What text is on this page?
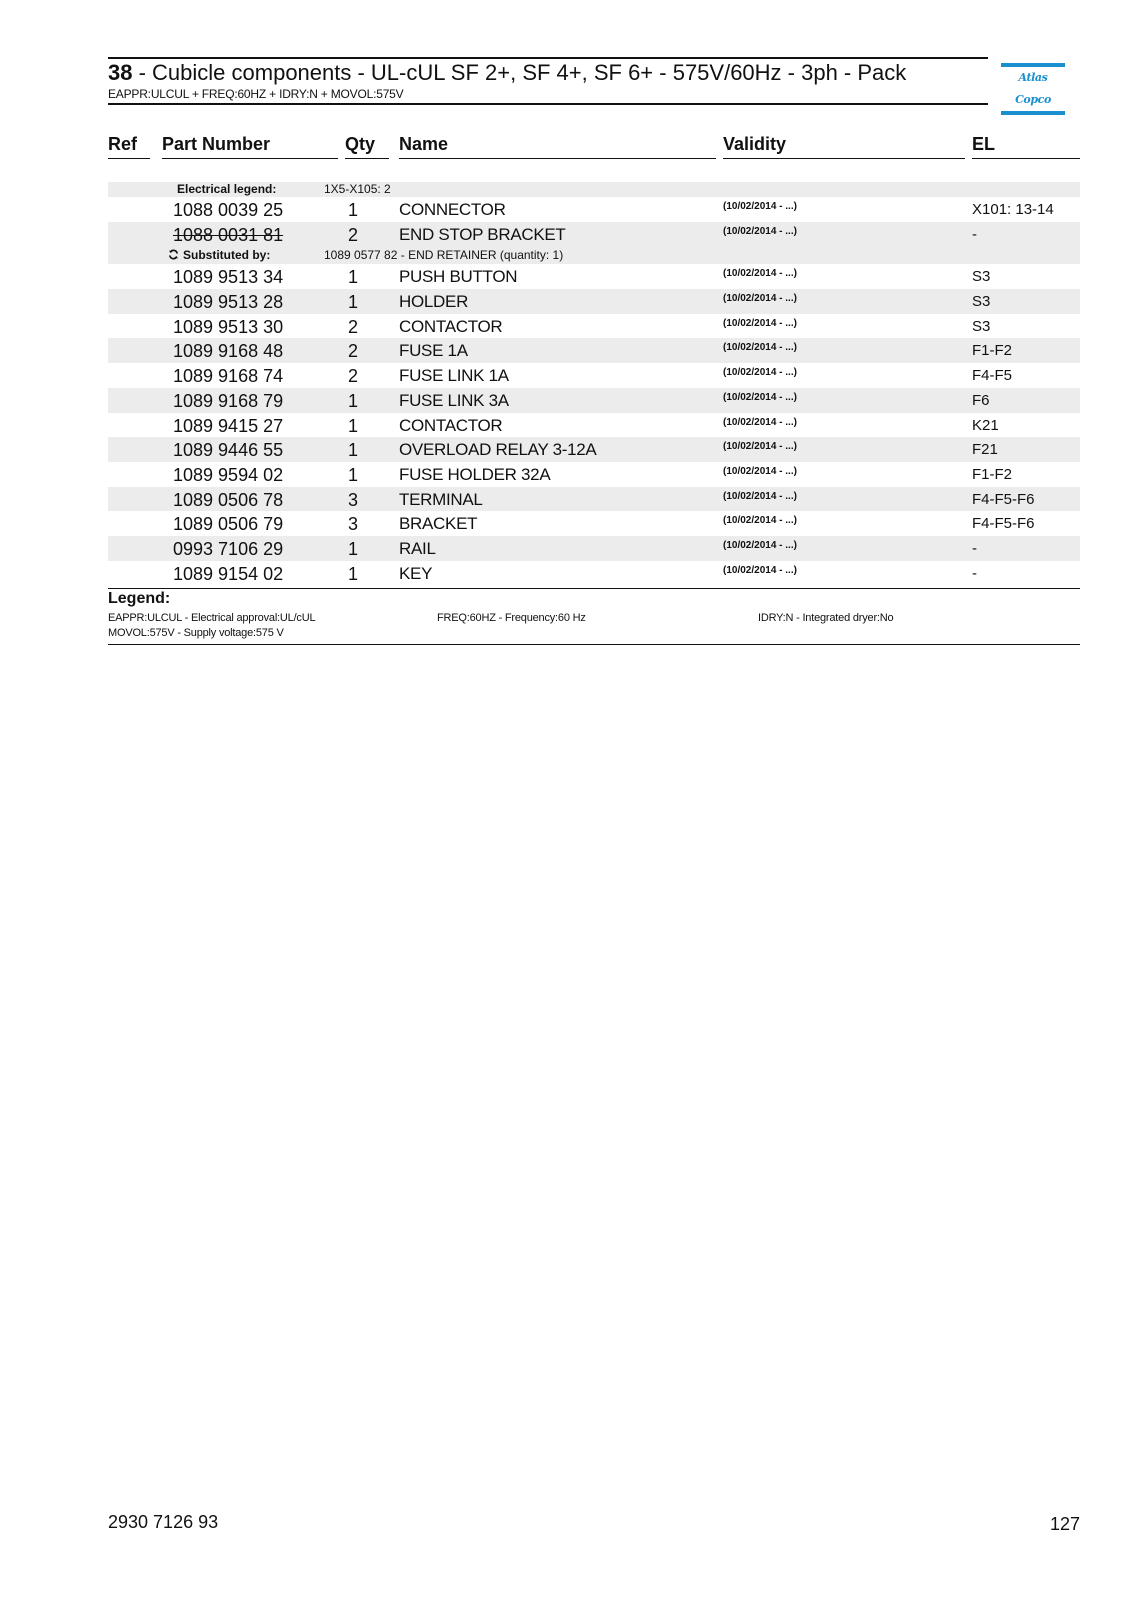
38 - Cubicle components - UL-cUL SF 2+, SF 4+, SF 6+ - 575V/60Hz - 3ph - Pack
EAPPR:ULCUL + FREQ:60HZ + IDRY:N + MOVOL:575V
Atlas Copco
Ref Part Number	Qty Name	Validity	EL
Electrical legend:	1X5-X105: 2
1088 0039 25	1 CONNECTOR	(10/02/2014 - ...)	X101: 13-14
1088 0031 81	2 END STOP BRACKET	(10/02/2014 - ...)	-
Substituted by:	1089 0577 82 - END RETAINER (quantity: 1)
1089 9513 34	1 PUSH BUTTON	(10/02/2014 - ...)	S3
1089 9513 28	1 HOLDER	(10/02/2014 - ...)	S3
1089 9513 30	2 CONTACTOR	(10/02/2014 - ...)	S3
1089 9168 48	2 FUSE 1A	(10/02/2014 - ...)	F1-F2
1089 9168 74	2 FUSE LINK 1A	(10/02/2014 - ...)	F4-F5
1089 9168 79	1 FUSE LINK 3A	(10/02/2014 - ...)	F6
1089 9415 27	1 CONTACTOR	(10/02/2014 - ...)	K21
1089 9446 55	1 OVERLOAD RELAY 3-12A	(10/02/2014 - ...)	F21
1089 9594 02	1 FUSE HOLDER 32A	(10/02/2014 - ...)	F1-F2
1089 0506 78	3 TERMINAL	(10/02/2014 - ...)	F4-F5-F6
1089 0506 79	3 BRACKET	(10/02/2014 - ...)	F4-F5-F6
0993 7106 29	1 RAIL	(10/02/2014 - ...)	-
1089 9154 02	1 KEY	(10/02/2014 - ...)	-
Legend:
EAPPR:ULCUL - Electrical approval:UL/cUL	FREQ:60HZ - Frequency:60 Hz	IDRY:N - Integrated dryer:No
MOVOL:575V - Supply voltage:575 V
2930 7126 93	127
